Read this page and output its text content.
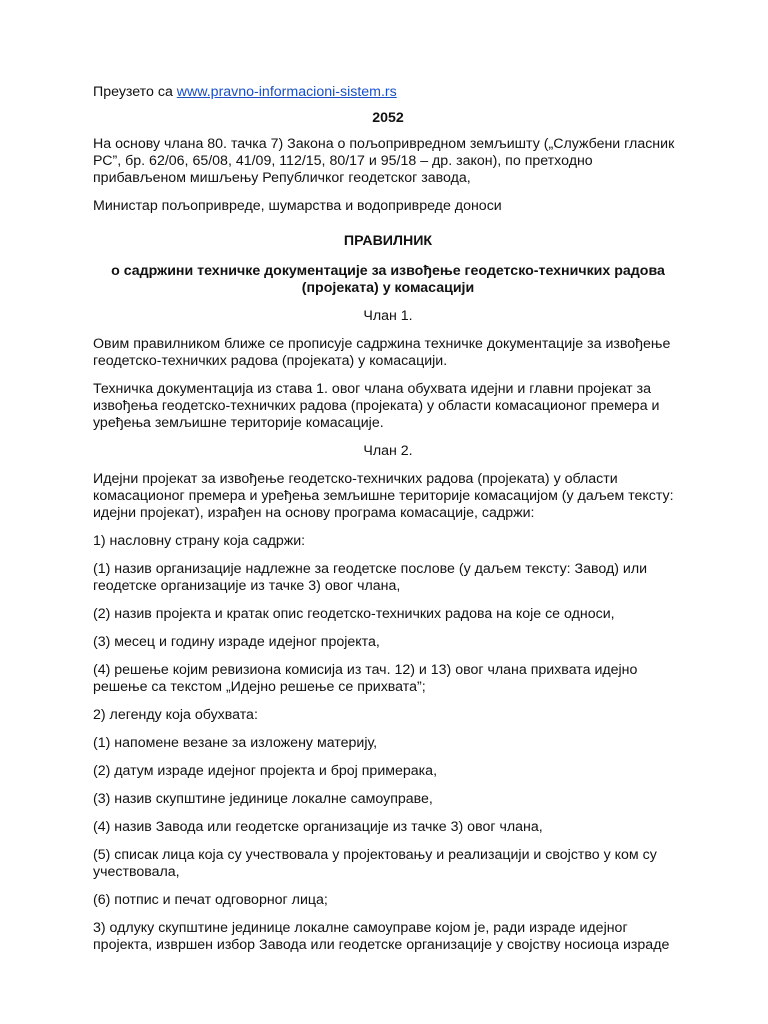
Преузето са www.pravno-informacioni-sistem.rs

2052

На основу члана 80. тачка 7) Закона о пољопривредном земљишту („Службени гласник РС”, бр. 62/06, 65/08, 41/09, 112/15, 80/17 и 95/18 – др. закон), по претходно прибављеном мишљењу Републичког геодетског завода,

Министар пољопривреде, шумарства и водопривреде доноси

ПРАВИЛНИК

о садржини техничке документације за извођење геодетско-техничких радова (пројеката) у комасацији

Члан 1.

Овим правилником ближе се прописује садржина техничке документације за извођење геодетско-техничких радова (пројеката) у комасацији.

Техничка документација из става 1. овог члана обухвата идејни и главни пројекат за извођења геодетско-техничких радова (пројеката) у области комасационог премера и уређења земљишне територије комасације.

Члан 2.

Идејни пројекат за извођење геодетско-техничких радова (пројеката) у области комасационог премера и уређења земљишне територије комасацијом (у даљем тексту: идејни пројекат), израђен на основу програма комасације, садржи:

1) насловну страну која садржи:

(1) назив организације надлежне за геодетске послове (у даљем тексту: Завод) или геодетске организације из тачке 3) овог члана,

(2) назив пројекта и кратак опис геодетско-техничких радова на које се односи,

(3) месец и годину израде идејног пројекта,

(4) решење којим ревизиона комисија из тач. 12) и 13) овог члана прихвата идејно решење са текстом „Идејно решење се прихвата”;

2) легенду која обухвата:

(1) напомене везане за изложену материју,

(2) датум израде идејног пројекта и број примерака,

(3) назив скупштине јединице локалне самоуправе,

(4) назив Завода или геодетске организације из тачке 3) овог члана,

(5) списак лица која су учествовала у пројектовању и реализацији и својство у ком су учествовала,

(6) потпис и печат одговорног лица;

3) одлуку скупштине јединице локалне самоуправе којом је, ради израде идејног пројекта, извршен избор Завода или геодетске организације у својству носиоца израде
